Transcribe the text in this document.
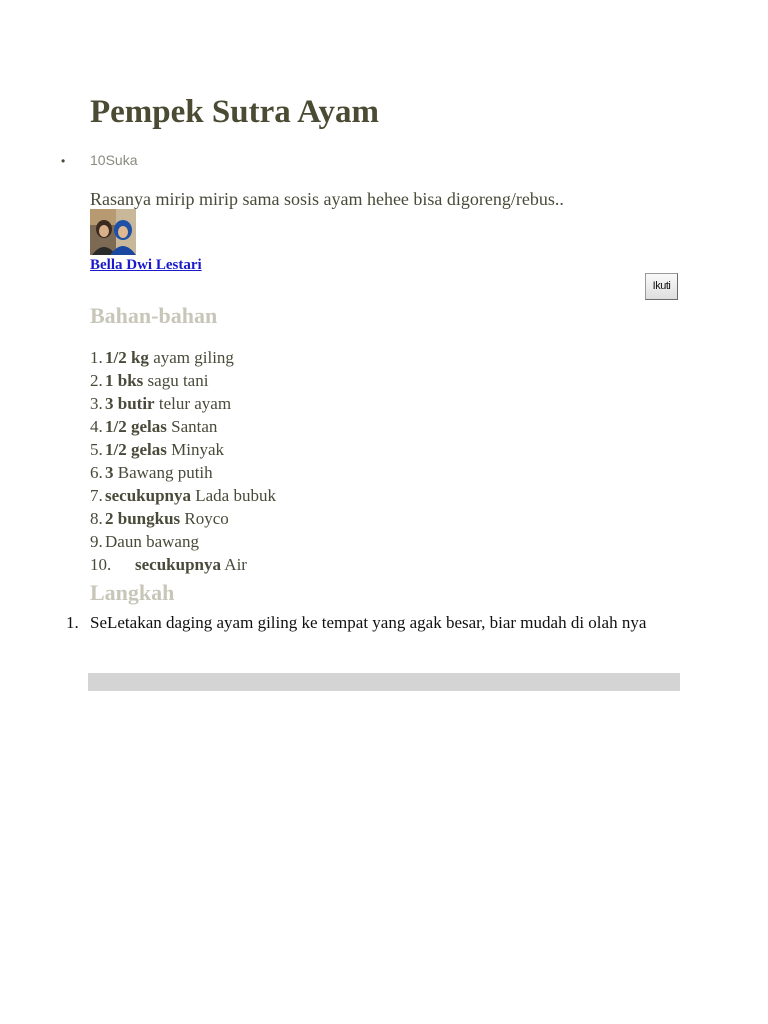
Pempek Sutra Ayam
• 10Suka
Rasanya mirip mirip sama sosis ayam hehee bisa digoreng/rebus..
Bella Dwi Lestari
Ikuti
Bahan-bahan
1. 1/2 kg ayam giling
2. 1 bks sagu tani
3. 3 butir telur ayam
4. 1/2 gelas Santan
5. 1/2 gelas Minyak
6. 3 Bawang putih
7. secukupnya Lada bubuk
8. 2 bungkus Royco
9. Daun bawang
10. secukupnya Air
Langkah
1. SeLetakan daging ayam giling ke tempat yang agak besar, biar mudah di olah nya
